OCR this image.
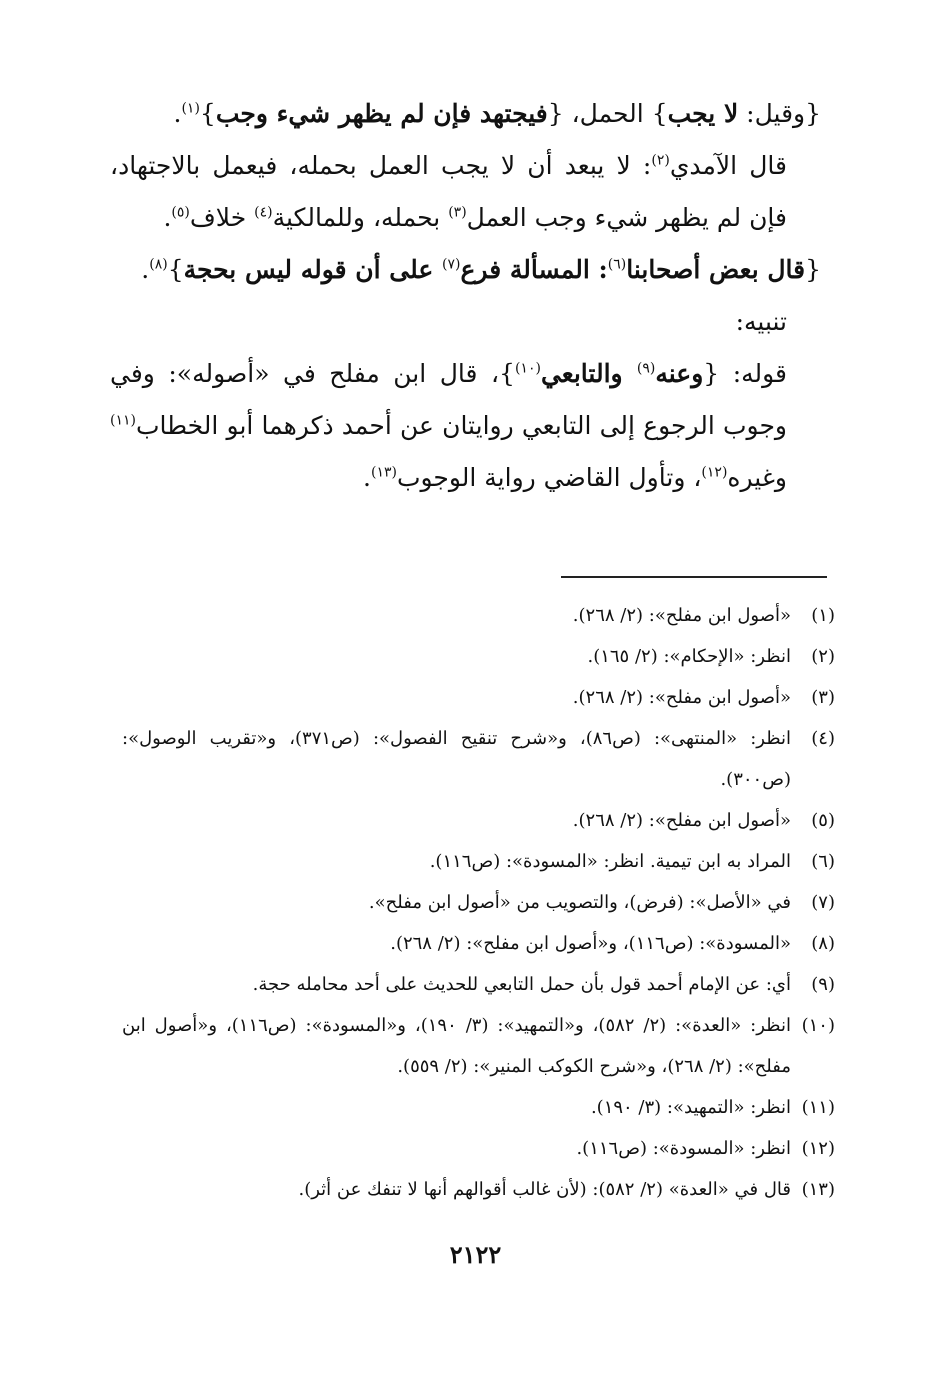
{وقيل: لا يجب} الحمل، {فيجتهد فإن لم يظهر شيء وجب}$^{(١)}$.

قال الآمدي$^{(٢)}$: لا يبعد أن لا يجب العمل بحمله، فيعمل بالاجتهاد، فإن لم يظهر شيء وجب العمل$^{(٣)}$ بحمله، وللمالكية$^{(٤)}$ خلاف$^{(٥)}$.

{قال بعض أصحابنا$^{(٦)}$: المسألة فرع$^{(٧)}$ على أن قوله ليس بحجة}$^{(٨)}$.

تنبيه:

قوله: {وعنه$^{(٩)}$ والتابعي$^{(١٠)}$}، قال ابن مفلح في «أصوله»: وفي وجوب الرجوع إلى التابعي روايتان عن أحمد ذكرهما أبو الخطاب$^{(١١)}$ وغيره$^{(١٢)}$، وتأول القاضي رواية الوجوب$^{(١٣)}$.

(١)
«أصول ابن مفلح»: (٢/ ٢٦٨).
(٢)
انظر: «الإحكام»: (٢/ ١٦٥).
(٣)
«أصول ابن مفلح»: (٢/ ٢٦٨).
(٤)
انظر: «المنتهى»: (ص٨٦)، و«شرح تنقيح الفصول»: (ص٣٧١)، و«تقريب الوصول»: (ص٣٠٠).
(٥)
«أصول ابن مفلح»: (٢/ ٢٦٨).
(٦)
المراد به ابن تيمية. انظر: «المسودة»: (ص١١٦).
(٧)
في «الأصل»: (فرض)، والتصويب من «أصول ابن مفلح».
(٨)
«المسودة»: (ص١١٦)، و«أصول ابن مفلح»: (٢/ ٢٦٨).
(٩)
أي: عن الإمام أحمد قول بأن حمل التابعي للحديث على أحد محامله حجة.
(١٠)
انظر: «العدة»: (٢/ ٥٨٢)، و«التمهيد»: (٣/ ١٩٠)، و«المسودة»: (ص١١٦)، و«أصول ابن مفلح»: (٢/ ٢٦٨)، و«شرح الكوكب المنير»: (٢/ ٥٥٩).
(١١)
انظر: «التمهيد»: (٣/ ١٩٠).
(١٢)
انظر: «المسودة»: (ص١١٦).
(١٣)
قال في «العدة» (٢/ ٥٨٢): (لأن غالب أقوالهم أنها لا تنفك عن أثر).
٢١٢٢
